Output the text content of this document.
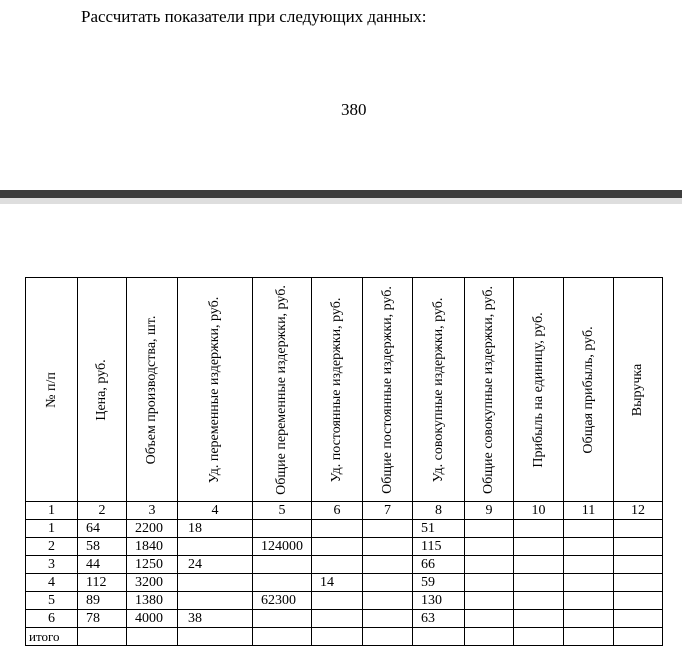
Рассчитать показатели при следующих данных:
380
№ п/п	Цена, руб.	Объем производства, шт.	Уд. переменные издержки, руб.	Общие переменные издержки, руб.	Уд. постоянные издержки, руб.	Общие постоянные издержки, руб.	Уд. совокупные издержки, руб.	Общие совокупные издержки, руб.	Прибыль на единицу, руб.	Общая прибыль, руб.	Выручка

1	2	3	4	5	6	7	8	9	10	11	12
1	64	2200	18				51				
2	58	1840		124000			115				
3	44	1250	24				66				
4	112	3200			14		59				
5	89	1380		62300			130				
6	78	4000	38				63				
итого											
